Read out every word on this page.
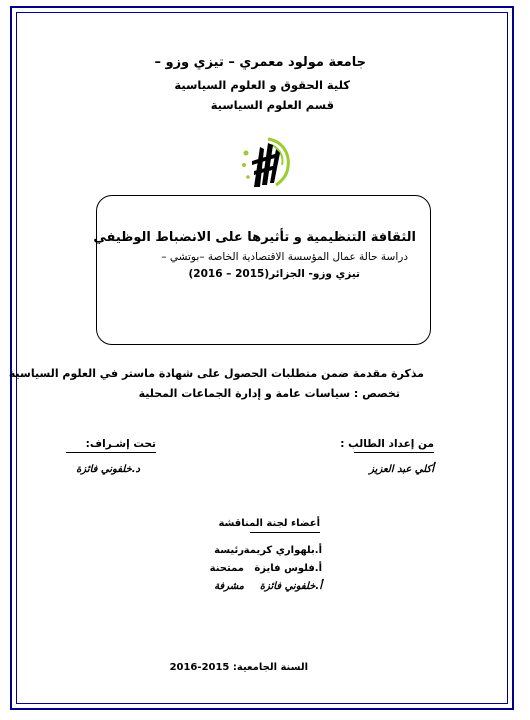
جامعة مولود معمري – تيزي وزو –
كلية الحقوق و العلوم السياسية
قسم العلوم السياسية
الثقافة التنظيمية و تأثيرها على الانضباط الوظيفي
دراسة حالة عمال المؤسسة الاقتصادية الخاصة –بوتشي –
تيزي وزو- الجزائر(2015 – 2016)
مذكرة مقدمة ضمن متطلبات الحصول على شهادة ماستر في العلوم السياسية
تخصص : سياسات عامة و إدارة الجماعات المحلية
من إعداد الطالب :
تحت إشـراف:
أكلي عبد العزيز
د.خلفوني فائزة
أعضاء لجنة المناقشة
أ.بلهواري كريمة
رئيسة
أ.فلوس فايزة
ممتحنة
أ.خلفوني فائزة
مشرفة
السنة الجامعية: 2015-2016
